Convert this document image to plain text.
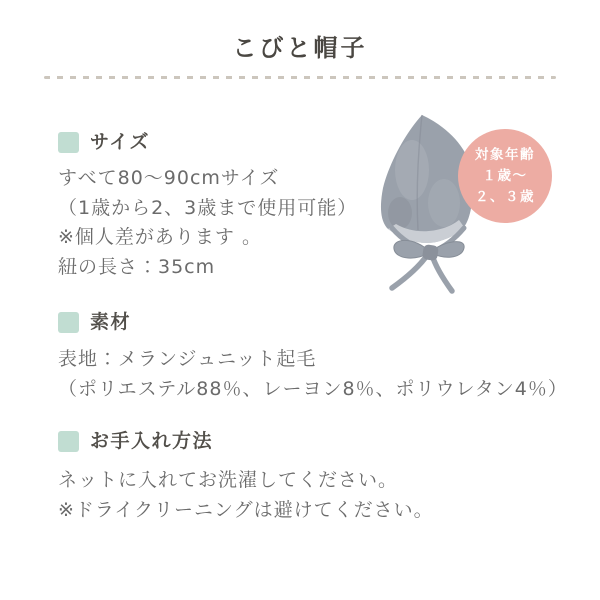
こびと帽子
サイズ

すべて80〜90cmサイズ

（1歳から2、3歳まで使用可能）

※個人差があります 。

紐の長さ：35cm

対象年齢
１歳〜
２、３歳
素材

表地：メランジュニット起毛

（ポリエステル88％、レーヨン8％、ポリウレタン4％）

お手入れ方法

ネットに入れてお洗濯してください。

※ドライクリーニングは避けてください。
